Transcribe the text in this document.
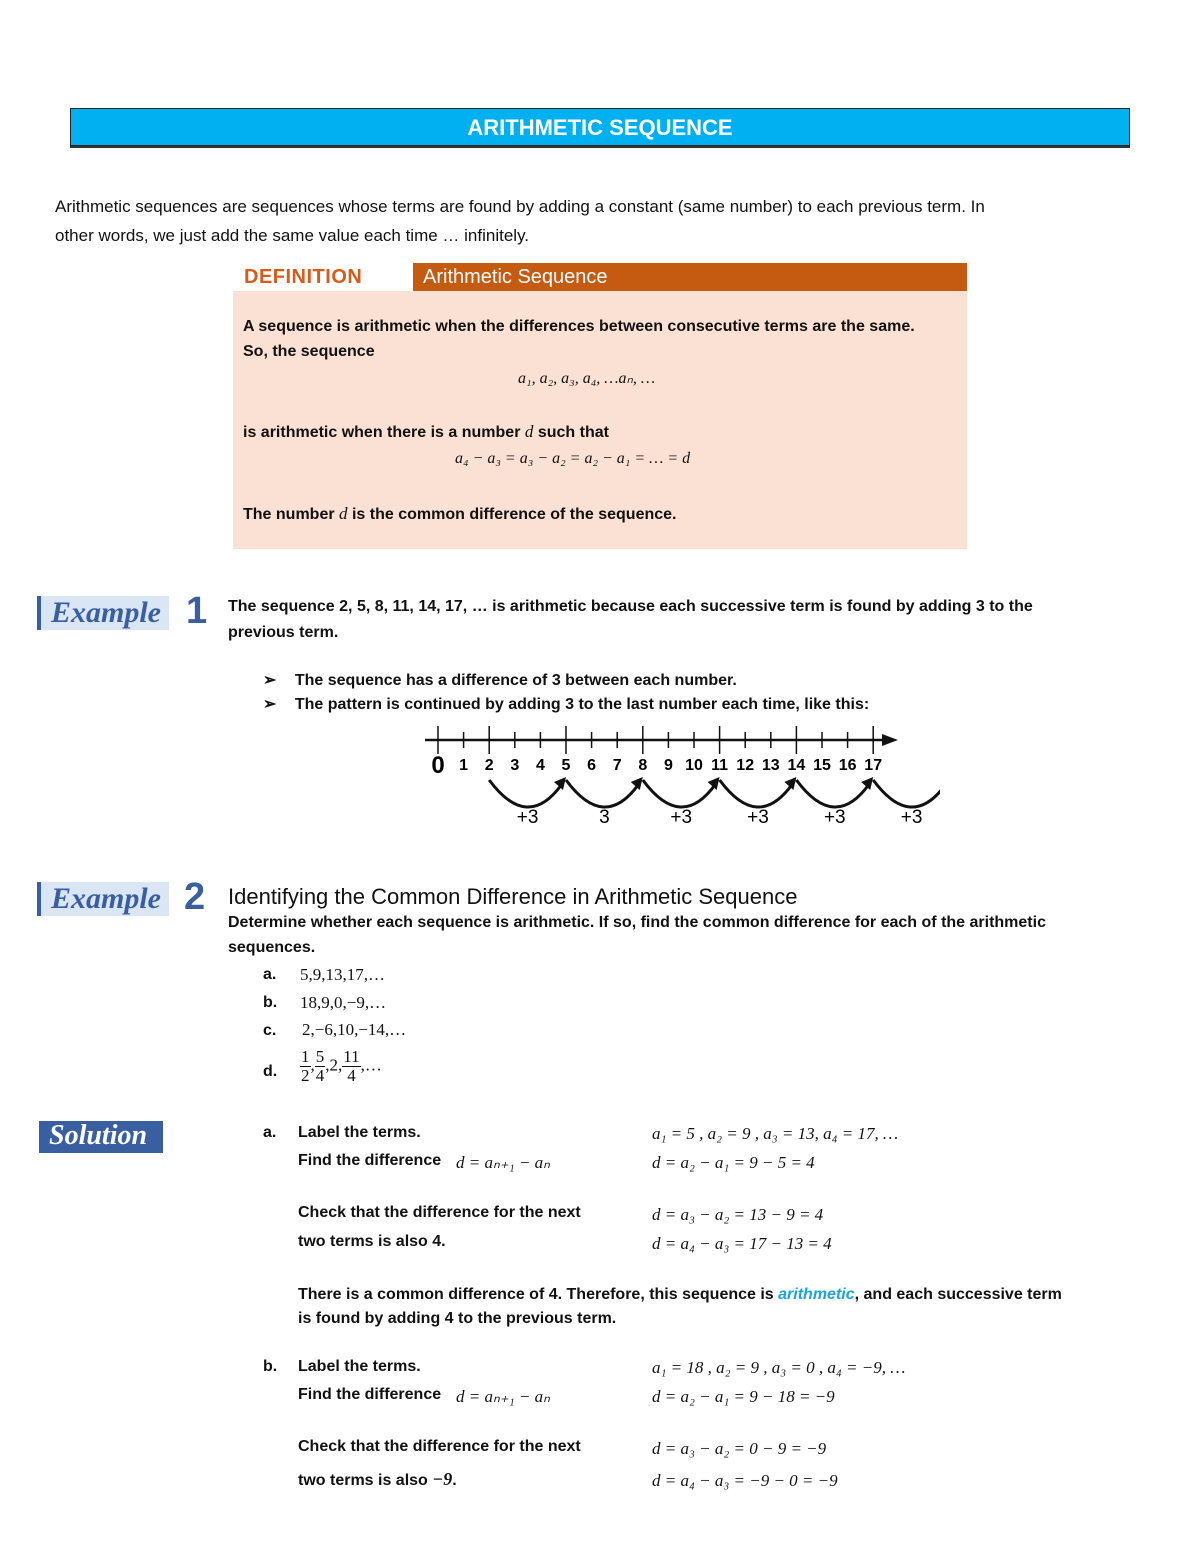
ARITHMETIC SEQUENCE
Arithmetic sequences are sequences whose terms are found by adding a constant (same number) to each previous term. In
other words, we just add the same value each time … infinitely.
DEFINITION	Arithmetic Sequence
A sequence is arithmetic when the differences between consecutive terms are the same.
So, the sequence
a₁, a₂, a₃, a₄, …aₙ, …
is arithmetic when there is a number d such that
a₄ − a₃ = a₃ − a₂ = a₂ − a₁ = … = d
The number d is the common difference of the sequence.
Example 1 The sequence 2, 5, 8, 11, 14, 17, … is arithmetic because each successive term is found by adding 3 to the
previous term.
➢ The sequence has a difference of 3 between each number.
➢ The pattern is continued by adding 3 to the last number each time, like this:
0 1 2 3 4 5 6 7 8 9 10 11 12 13 14 15 16 17
+3	3	+3	+3	+3	+3
Example 2 Identifying the Common Difference in Arithmetic Sequence
Determine whether each sequence is arithmetic. If so, find the common difference for each of the arithmetic
sequences.
a. 5,9,13,17,…
b. 18,9,0,−9,…
c. 2,−6,10,−14,…
d. $\frac{1}{2}$ , $\frac{5}{4} ,2$, $\frac{11}{4}$ ,…
Solution	a. Label the terms.	a₁ = 5 , a₂ = 9 , a₃ = 13, a₄ = 17, …
Find the difference d = aₙ₊₁ − aₙ	d = a₂ − a₁ = 9 − 5 = 4
Check that the difference for the next	d = a₃ − a₂ = 13 − 9 = 4
two terms is also 4.	d = a₄ − a₃ = 17 − 13 = 4
There is a common difference of 4. Therefore, this sequence is arithmetic, and each successive term
is found by adding 4 to the previous term.
b. Label the terms.	a₁ = 18 , a₂ = 9 , a₃ = 0 , a₄ = −9, …
Find the difference d = aₙ₊₁ − aₙ	d = a₂ − a₁ = 9 − 18 = −9
Check that the difference for the next	d = a₃ − a₂ = 0 − 9 = −9
two terms is also −9.	d = a₄ − a₃ = −9 − 0 = −9
